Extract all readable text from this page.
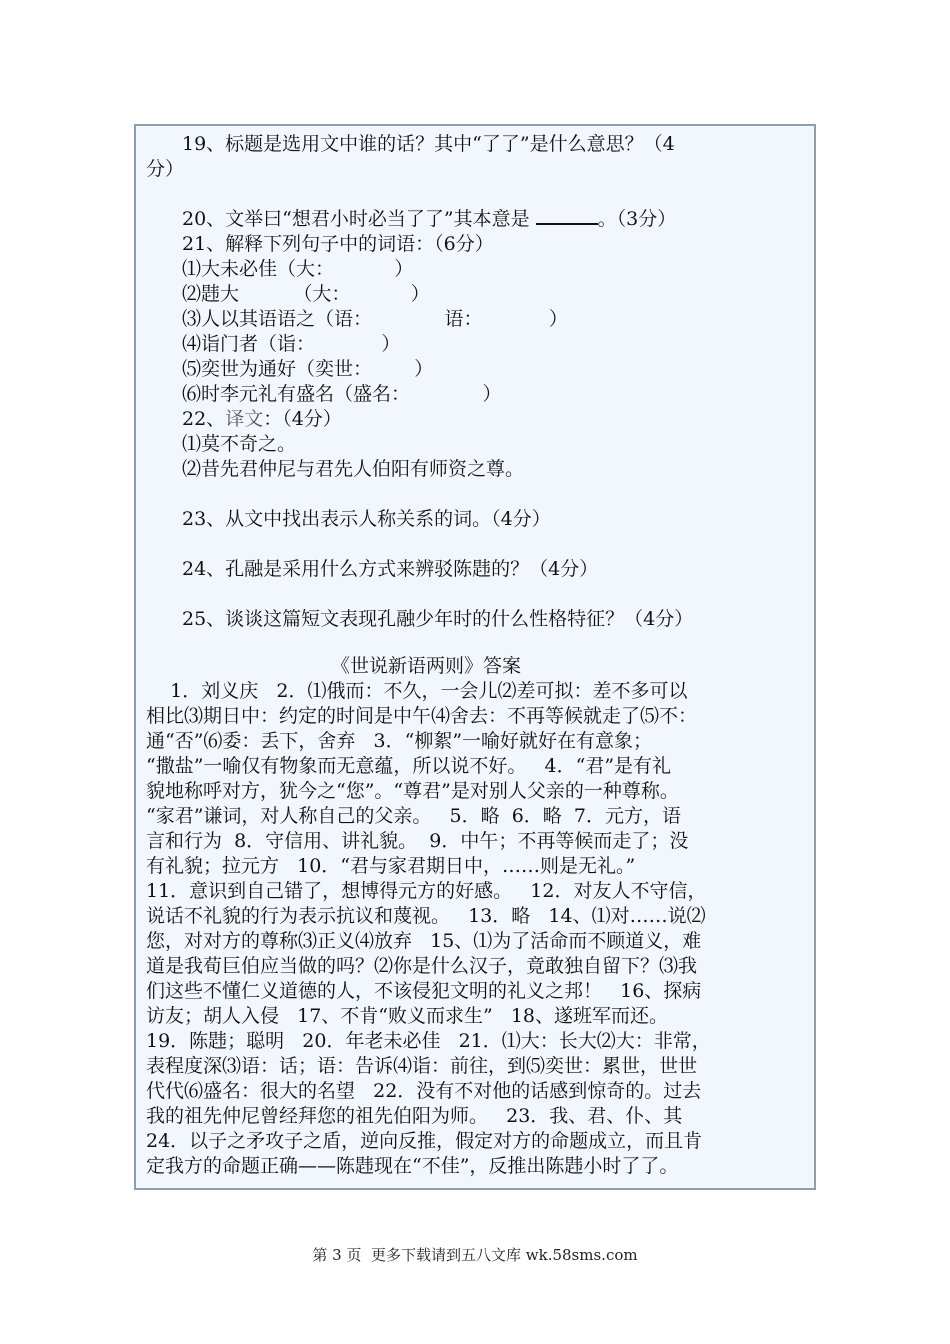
19、标题是选用文中谁的话？其中“了了”是什么意思？（4
分）
20、文举曰“想君小时必当了了”其本意是	。（3分）
21、解释下列句子中的词语：（6分）
⑴大未必佳（大：          ）
⑵韪大         （大：          ）
⑶人以其语语之（语：            语：           ）
⑷诣门者（诣：           ）
⑸奕世为通好（奕世：       ）
⑹时李元礼有盛名（盛名：            ）
22、译文：（4分）
⑴莫不奇之。
⑵昔先君仲尼与君先人伯阳有师资之尊。
23、从文中找出表示人称关系的词。（4分）
24、孔融是采用什么方式来辨驳陈韪的？（4分）
25、谈谈这篇短文表现孔融少年时的什么性格特征？（4分）
《世说新语两则》答案
1．刘义庆   2．⑴俄而：不久，一会儿⑵差可拟：差不多可以
相比⑶期日中：约定的时间是中午⑷舍去：不再等候就走了⑸不：
通“否”⑹委：丢下，舍弃   3．“柳絮”一喻好就好在有意象；
“撒盐”一喻仅有物象而无意蕴，所以说不好。   4．“君”是有礼
貌地称呼对方，犹今之“您”。“尊君”是对别人父亲的一种尊称。
“家君”谦词，对人称自己的父亲。   5．略  6．略  7．元方，语
言和行为  8．守信用、讲礼貌。  9．中午；不再等候而走了；没
有礼貌；拉元方   10．“君与家君期日中，……则是无礼。”
11．意识到自己错了，想博得元方的好感。   12．对友人不守信，
说话不礼貌的行为表示抗议和蔑视。   13．略   14、⑴对……说⑵
您，对对方的尊称⑶正义⑷放弃   15、⑴为了活命而不顾道义，难
道是我荀巨伯应当做的吗？⑵你是什么汉子，竟敢独自留下？⑶我
们这些不懂仁义道德的人，不该侵犯文明的礼义之邦！   16、探病
访友；胡人入侵   17、不肯“败义而求生”   18、遂班军而还。
19．陈韪；聪明   20．年老未必佳   21．⑴大：长大⑵大：非常，
表程度深⑶语：话；语：告诉⑷诣：前往，到⑸奕世：累世，世世
代代⑹盛名：很大的名望   22．没有不对他的话感到惊奇的。过去
我的祖先仲尼曾经拜您的祖先伯阳为师。   23．我、君、仆、其
24．以子之矛攻子之盾，逆向反推，假定对方的命题成立，而且肯
定我方的命题正确——陈韪现在“不佳”，反推出陈韪小时了了。
第 3 页  更多下载请到五八文库 wk.58sms.com
